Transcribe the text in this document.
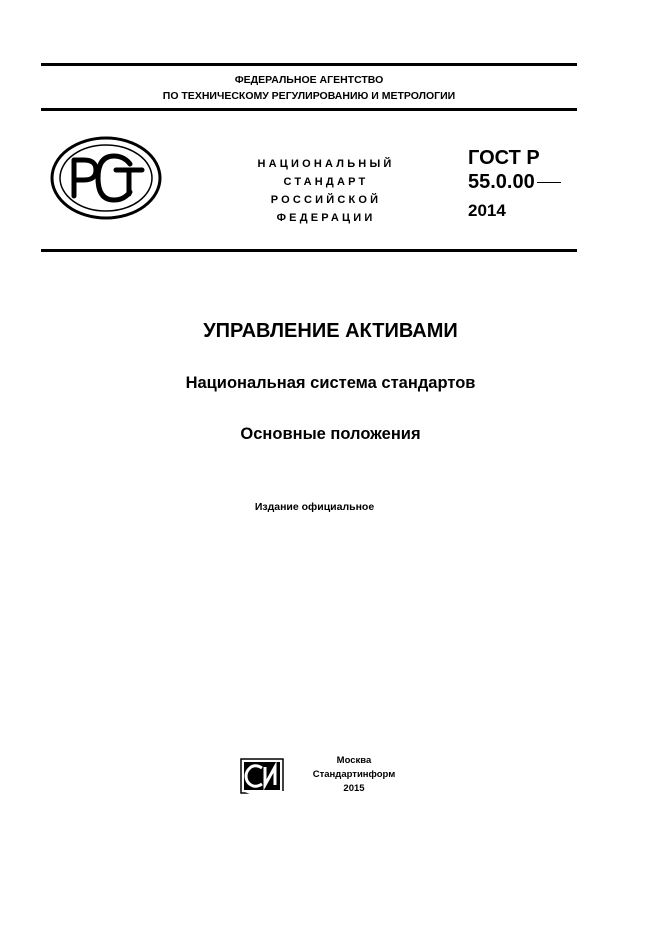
ФЕДЕРАЛЬНОЕ АГЕНТСТВО
ПО ТЕХНИЧЕСКОМУ РЕГУЛИРОВАНИЮ И МЕТРОЛОГИИ
НАЦИОНАЛЬНЫЙ
СТАНДАРТ
РОССИЙСКОЙ
ФЕДЕРАЦИИ
ГОСТ Р
55.0.00
2014
УПРАВЛЕНИЕ АКТИВАМИ
Национальная система стандартов
Основные положения
Издание официальное
Москва
Стандартинформ
2015
